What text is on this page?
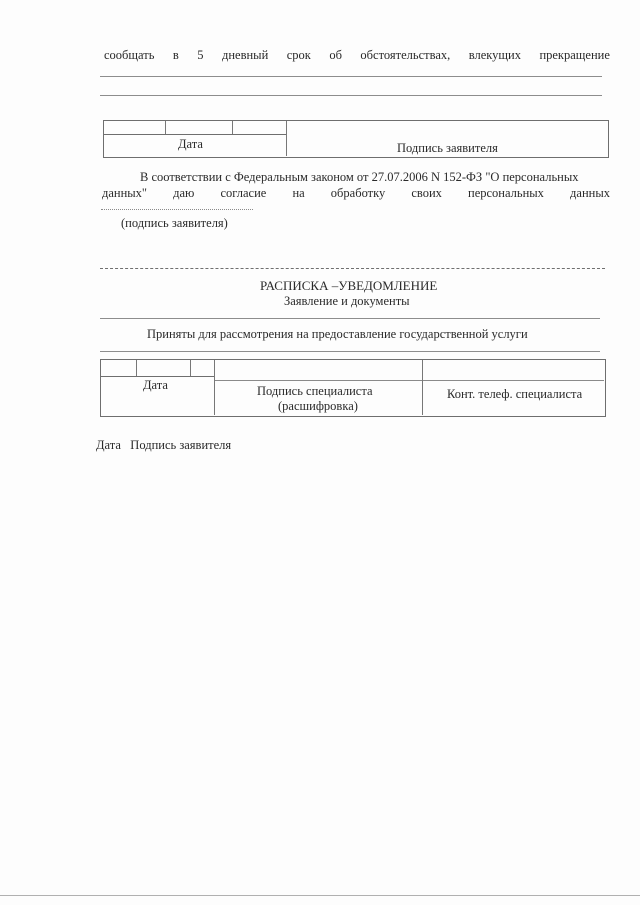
сообщать в 5 дневный срок об обстоятельствах, влекущих прекращение
Дата	Подпись заявителя
В соответствии с Федеральным законом от 27.07.2006 N 152-ФЗ "О персональных
данных" даю согласие на обработку своих персональных данных
(подпись заявителя)
РАСПИСКА –УВЕДОМЛЕНИЕ
Заявление и документы
Приняты для рассмотрения на предоставление государственной услуги
Дата	Подпись специалиста
(расшифровка)
Конт. телеф. специалиста
Дата   Подпись заявителя
